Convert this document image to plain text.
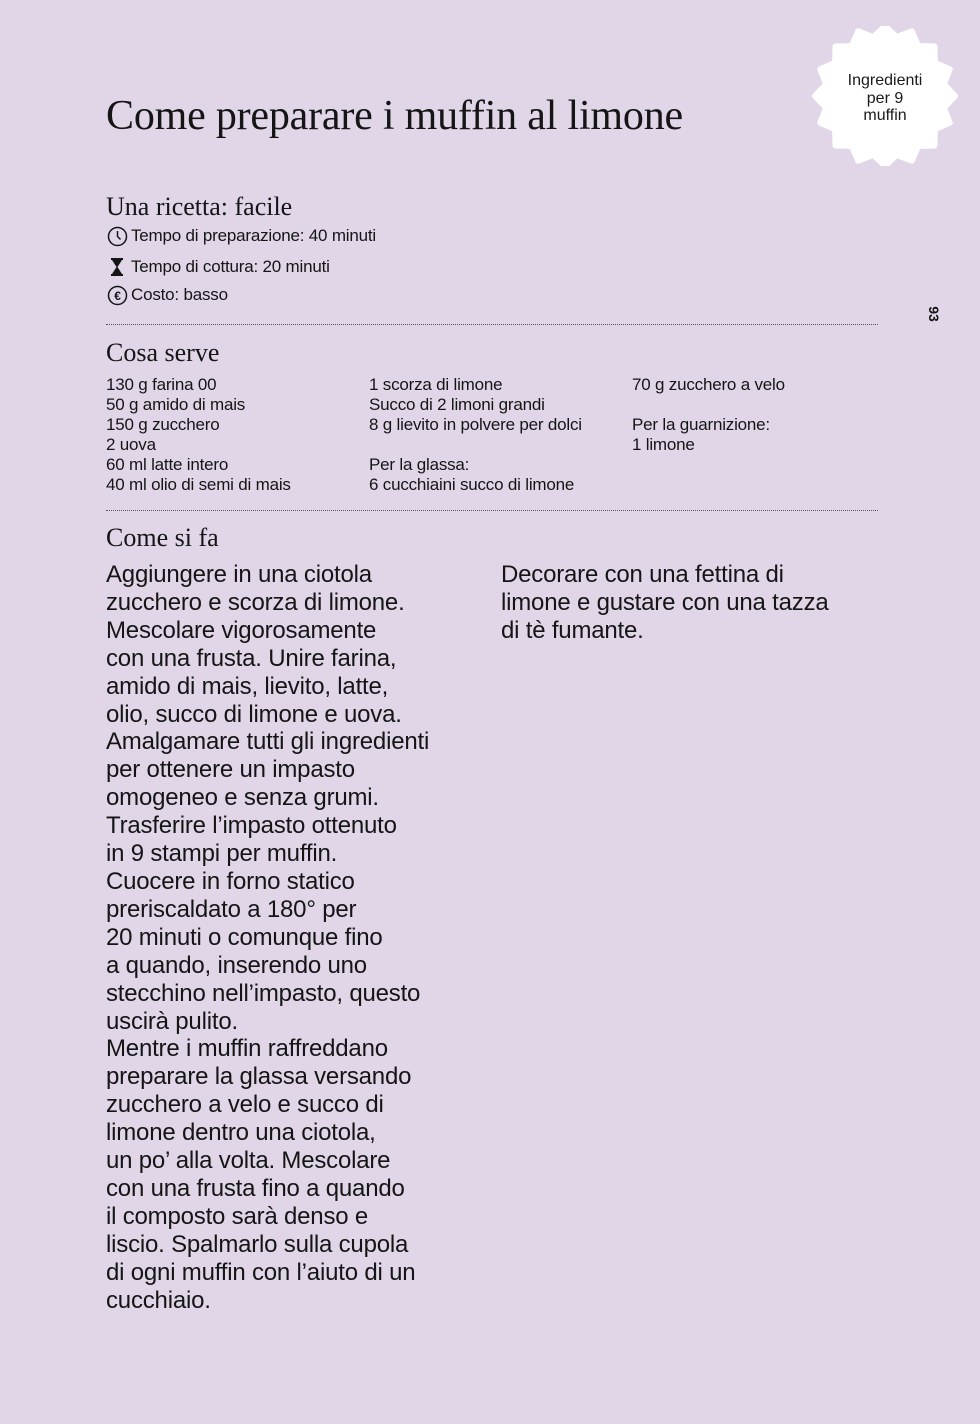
Come preparare i muffin al limone
Ingredienti
per 9
muffin
93
Una ricetta: facile
Tempo di preparazione: 40 minuti
Tempo di cottura: 20 minuti
€ Costo: basso
Cosa serve
130 g farina 00
50 g amido di mais
150 g zucchero
2 uova
60 ml latte intero
40 ml olio di semi di mais
1 scorza di limone
Succo di 2 limoni grandi
8 g lievito in polvere per dolci
Per la glassa:
6 cucchiaini succo di limone
70 g zucchero a velo
Per la guarnizione:
1 limone
Come si fa
Aggiungere in una ciotola
zucchero e scorza di limone.
Mescolare vigorosamente
con una frusta. Unire farina,
amido di mais, lievito, latte,
olio, succo di limone e uova.
Amalgamare tutti gli ingredienti
per ottenere un impasto
omogeneo e senza grumi.
Trasferire l’impasto ottenuto
in 9 stampi per muffin.
Cuocere in forno statico
preriscaldato a 180° per
20 minuti o comunque fino
a quando, inserendo uno
stecchino nell’impasto, questo
uscirà pulito.
Mentre i muffin raffreddano
preparare la glassa versando
zucchero a velo e succo di
limone dentro una ciotola,
un po’ alla volta. Mescolare
con una frusta fino a quando
il composto sarà denso e
liscio. Spalmarlo sulla cupola
di ogni muffin con l’aiuto di un
cucchiaio.
Decorare con una fettina di
limone e gustare con una tazza
di tè fumante.
